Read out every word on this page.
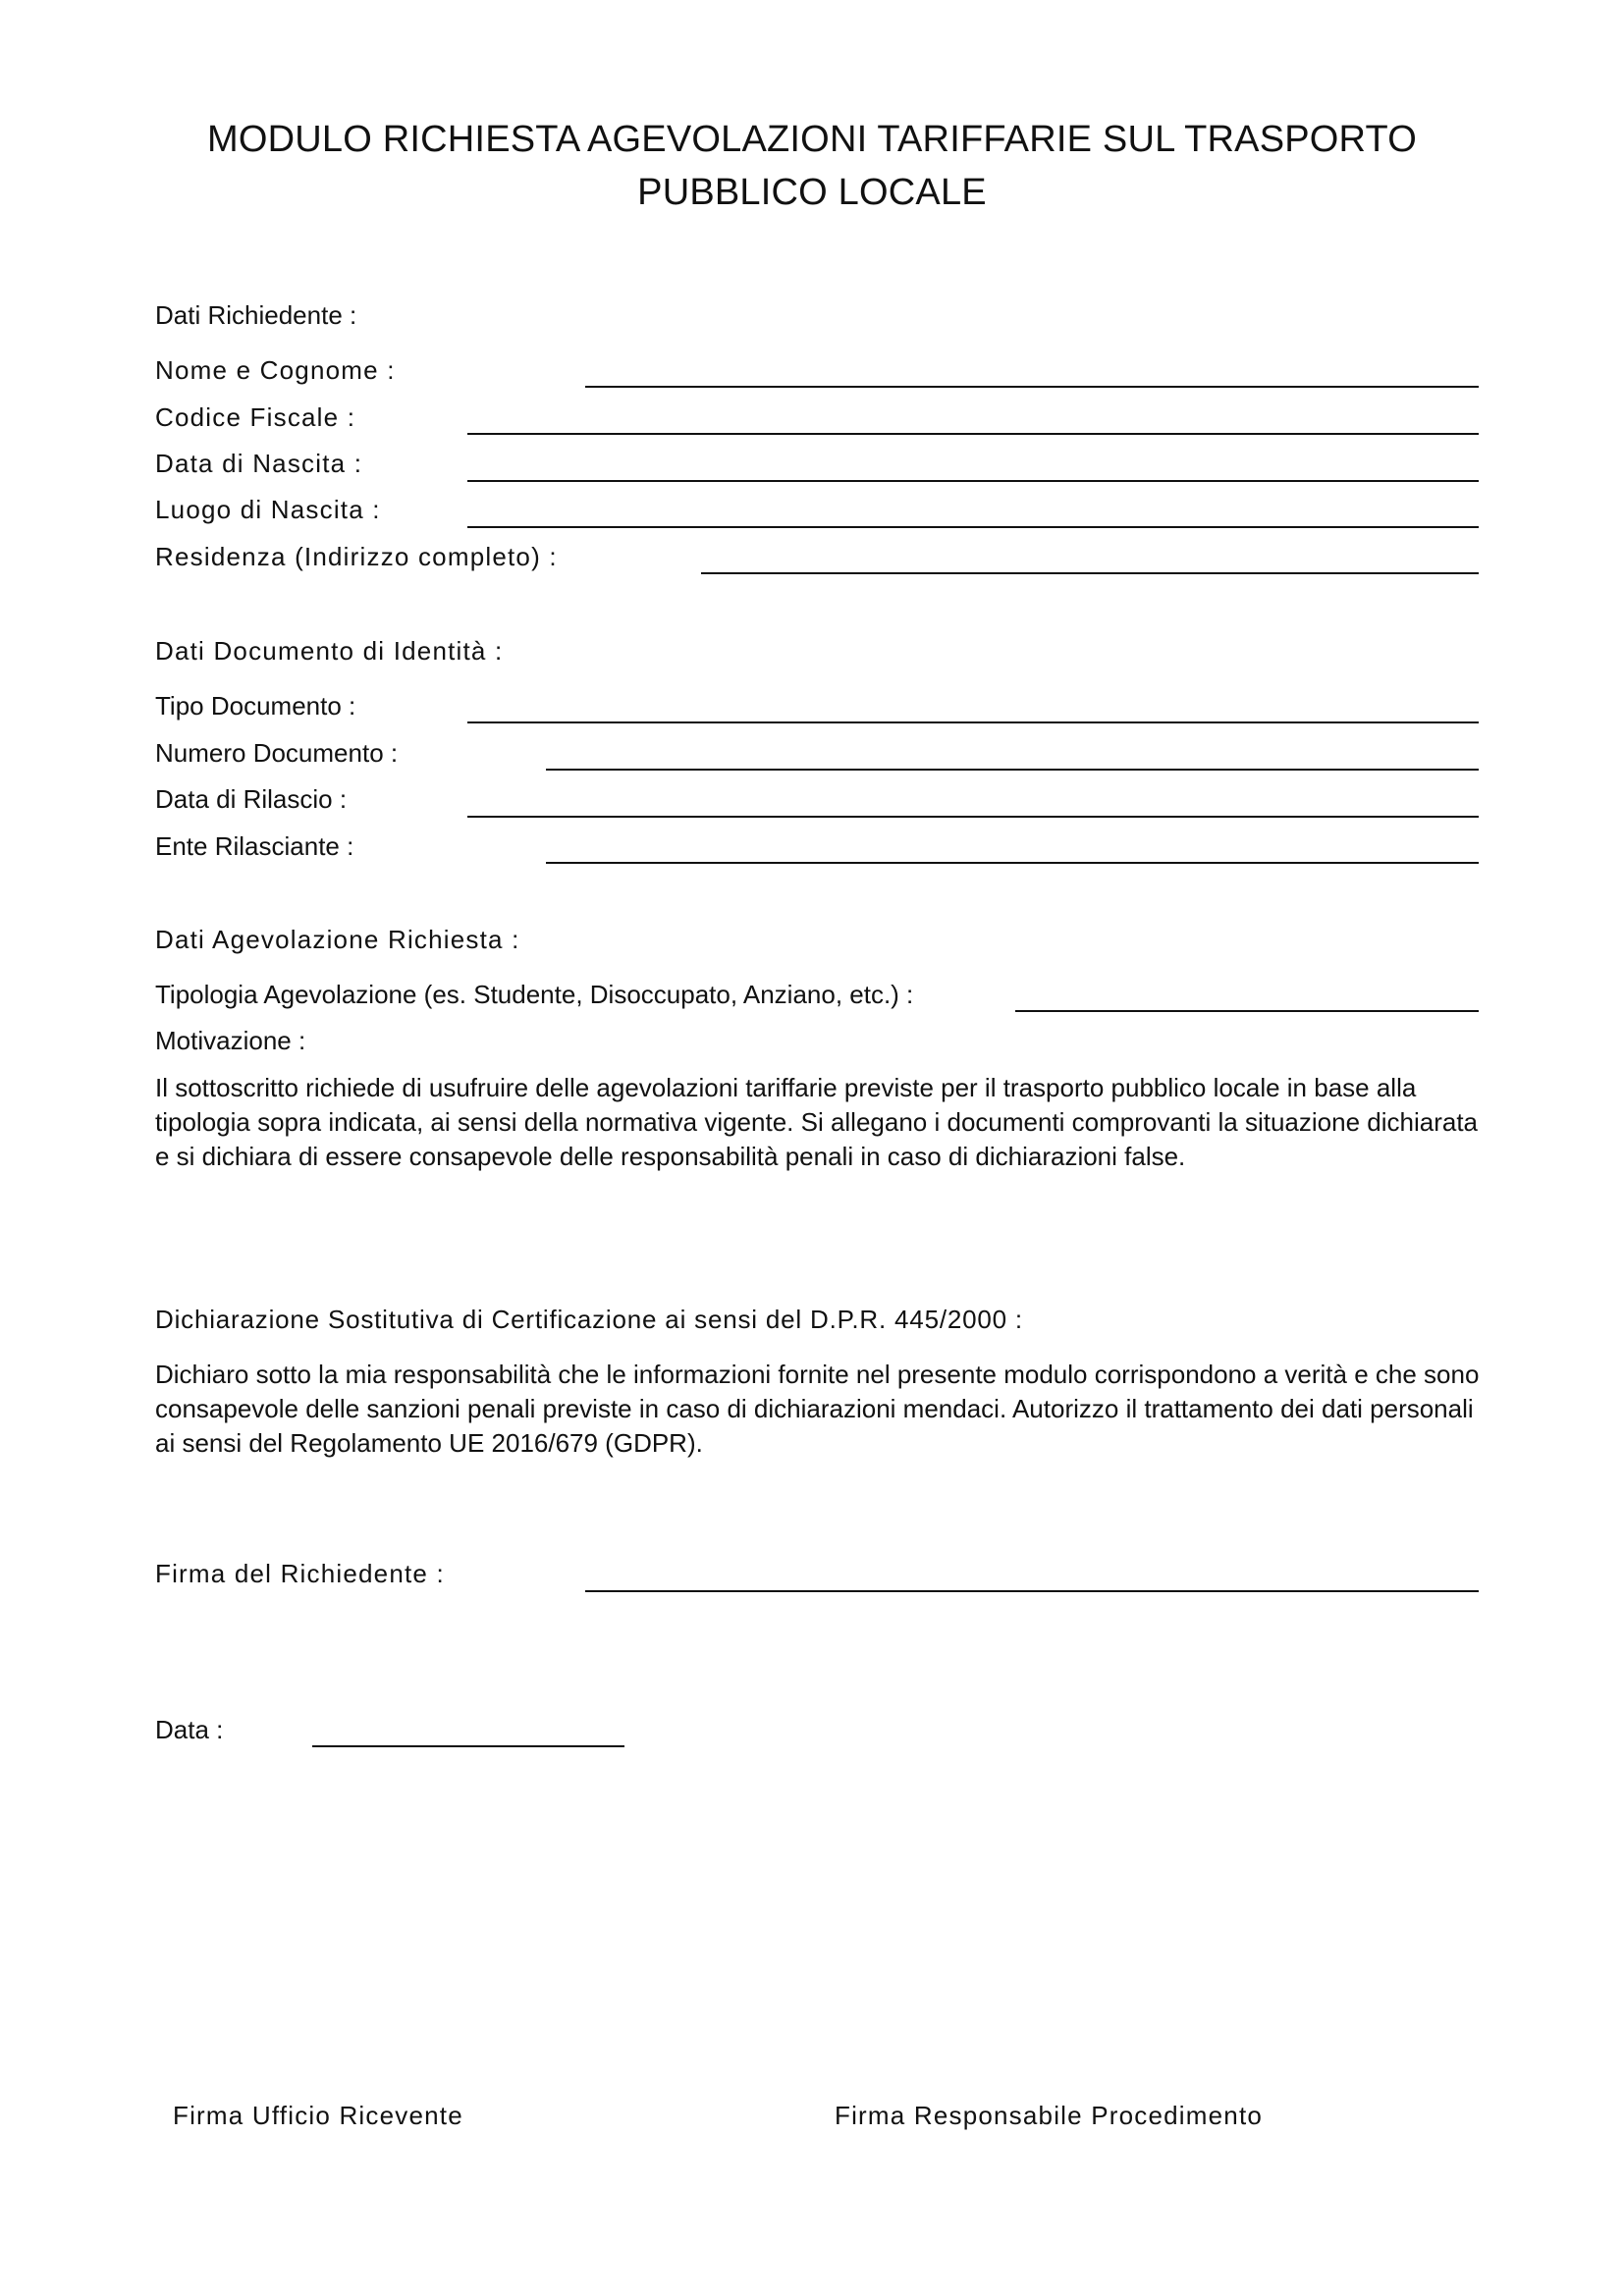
MODULO RICHIESTA AGEVOLAZIONI TARIFFARIE SUL TRASPORTO
PUBBLICO LOCALE
Dati Richiedente :
Nome e Cognome :
Codice Fiscale :
Data di Nascita :
Luogo di Nascita :
Residenza (Indirizzo completo) :
Dati Documento di Identità :
Tipo Documento :
Numero Documento :
Data di Rilascio :
Ente Rilasciante :
Dati Agevolazione Richiesta :
Tipologia Agevolazione (es. Studente, Disoccupato, Anziano, etc.) :
Motivazione :
Il sottoscritto richiede di usufruire delle agevolazioni tariffarie previste per il trasporto pubblico locale in base alla tipologia sopra indicata, ai sensi della normativa vigente. Si allegano i documenti comprovanti la situazione dichiarata e si dichiara di essere consapevole delle responsabilità penali in caso di dichiarazioni false.
Dichiarazione Sostitutiva di Certificazione ai sensi del D.P.R. 445/2000 :
Dichiaro sotto la mia responsabilità che le informazioni fornite nel presente modulo corrispondono a verità e che sono consapevole delle sanzioni penali previste in caso di dichiarazioni mendaci. Autorizzo il trattamento dei dati personali ai sensi del Regolamento UE 2016/679 (GDPR).
Firma del Richiedente :
Data :
Firma Ufficio Ricevente	Firma Responsabile Procedimento
